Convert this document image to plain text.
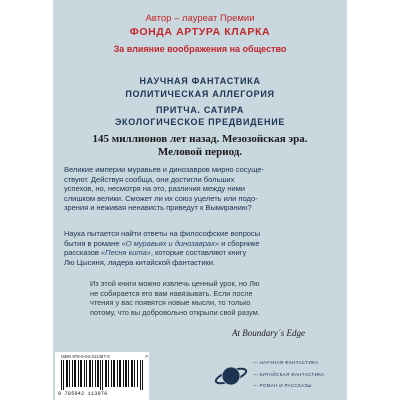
Автор – лауреат Премии
ФОНДА АРТУРА КЛАРКА
За влияние воображения на общество
НАУЧНАЯ ФАНТАСТИКА
ПОЛИТИЧЕСКАЯ АЛЛЕГОРИЯ
ПРИТЧА. САТИРА
ЭКОЛОГИЧЕСКОЕ ПРЕДВИДЕНИЕ
145 миллионов лет назад. Мезозойская эра.
Меловой период.
Великие империи муравьев и динозавров мирно сосуще-
ствуют. Действуя сообща, они достигли больших
успехов, но, несмотря на это, различия между ними
слишком велики. Сможет ли их союз уцелеть или подо-
зрения и неживая ненависть приведут к Вымиранию?
Наука пытается найти ответы на философские вопросы
бытия в романе «О муравьях и динозаврах» и сборнике
рассказов «Песня кита», которые составляют книгу
Лю Цысиня, лидера китайской фантастики.
Из этой книги можно извлечь ценный урок, но Лю
не собирается его вам навязывать. Если после
чтения у вас появятся новые мысли, то только
потому, что вы добровольно открыли свой разум.
At Boundary´s Edge
ISBN 978-5-04-211397-0	>
9 785042 113970
— НАУЧНАЯ ФАНТАСТИКА
— КИТАЙСКАЯ ФАНТАСТИКА
— РОМАН И РАССКАЗЫ
